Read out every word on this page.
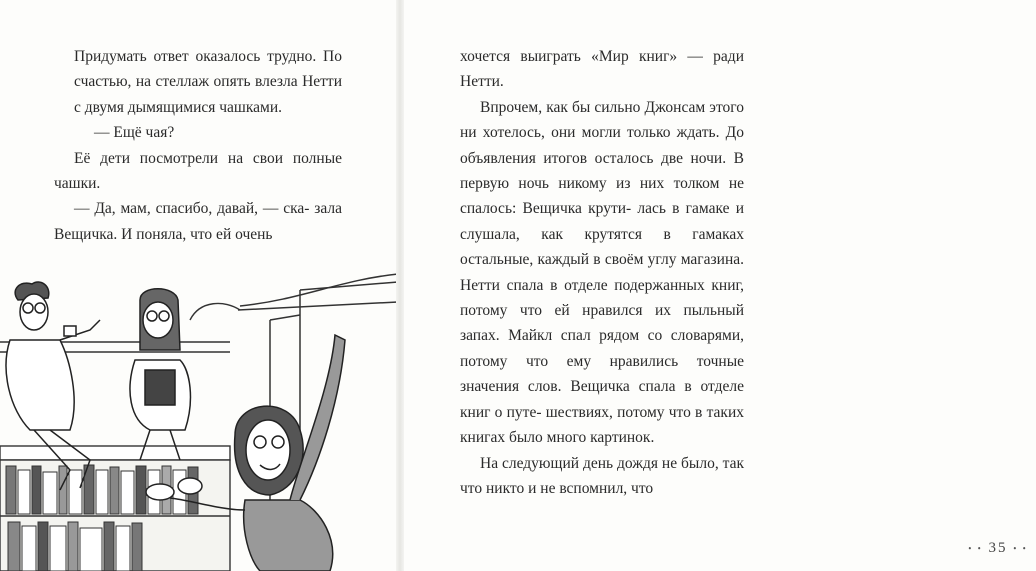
Придумать ответ оказалось трудно. По счастью, на стеллаж опять влезла Нетти с двумя дымящимися чашками.

— Ещё чая?

Её дети посмотрели на свои полные чашки.

— Да, мам, спасибо, давай, — ска- зала Вещичка. И поняла, что ей очень

хочется выиграть «Мир книг» — ради Нетти.

Впрочем, как бы сильно Джонсам этого ни хотелось, они могли только ждать. До объявления итогов осталось две ночи. В первую ночь никому из них толком не спалось: Вещичка крути- лась в гамаке и слушала, как крутятся в гамаках остальные, каждый в своём углу магазина. Нетти спала в отделе подержанных книг, потому что ей нравился их пыльный запах. Майкл спал рядом со словарями, потому что ему нравились точные значения слов. Вещичка спала в отделе книг о путе- шествиях, потому что в таких книгах было много картинок.

На следующий день дождя не было, так что никто и не вспомнил, что

• • 35 • •
